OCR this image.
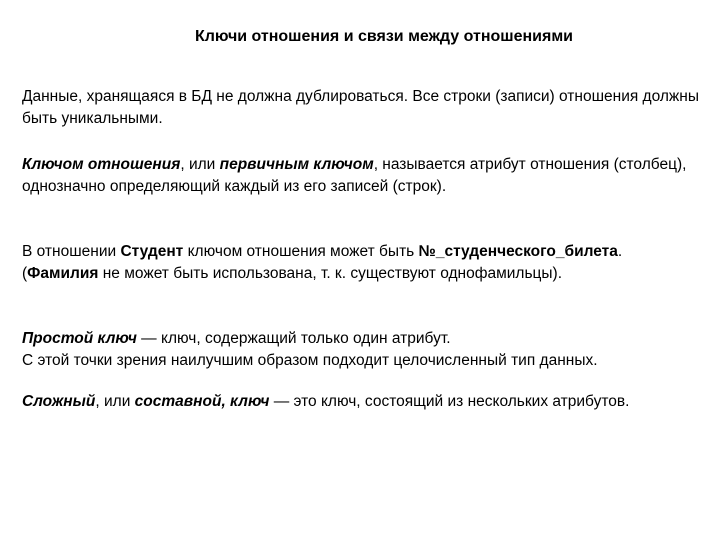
Ключи отношения и связи между отношениями

Данные, хранящаяся в БД не должна дублироваться. Все строки (записи) отношения должны быть уникальными.

Ключом отношения, или первичным ключом, называется атрибут отношения (столбец), однозначно определяющий каждый из его записей (строк).

В отношении Студент ключом отношения может быть №_студенческого_билета. (Фамилия не может быть использована, т. к. существуют однофамильцы).

Простой ключ — ключ, содержащий только один атрибут.
С этой точки зрения наилучшим образом подходит целочисленный тип данных.

Сложный, или составной, ключ — это ключ, состоящий из нескольких атрибутов.
